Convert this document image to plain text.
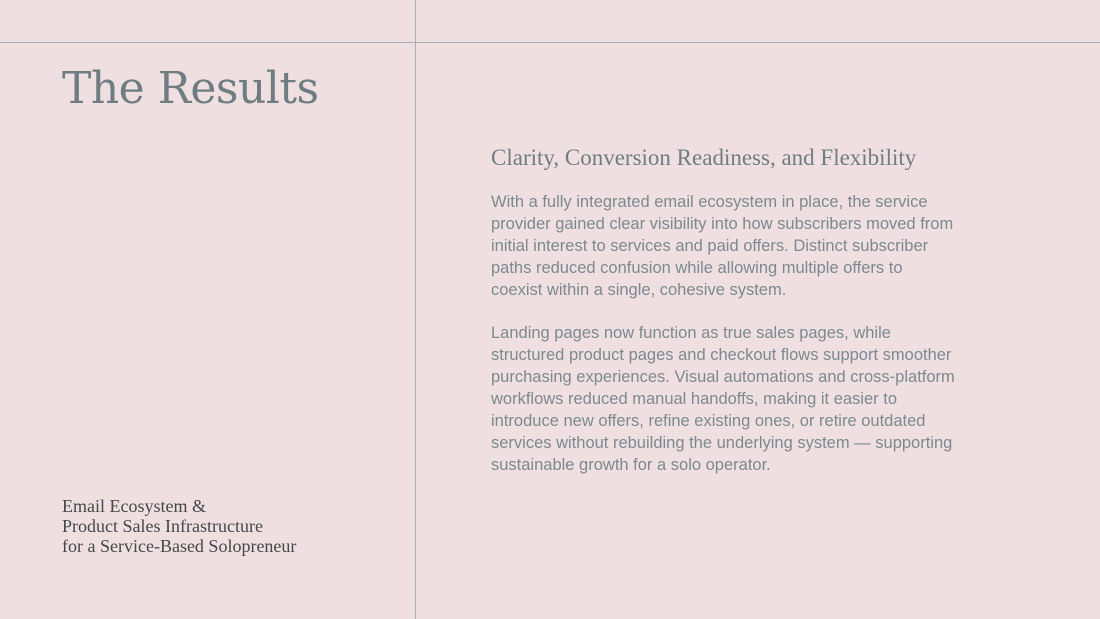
The Results
Email Ecosystem &
Product Sales Infrastructure
for a Service-Based Solopreneur
Clarity, Conversion Readiness, and Flexibility

With a fully integrated email ecosystem in place, the service
provider gained clear visibility into how subscribers moved from
initial interest to services and paid offers. Distinct subscriber
paths reduced confusion while allowing multiple offers to
coexist within a single, cohesive system.

Landing pages now function as true sales pages, while
structured product pages and checkout flows support smoother
purchasing experiences. Visual automations and cross-platform
workflows reduced manual handoffs, making it easier to
introduce new offers, refine existing ones, or retire outdated
services without rebuilding the underlying system — supporting
sustainable growth for a solo operator.
